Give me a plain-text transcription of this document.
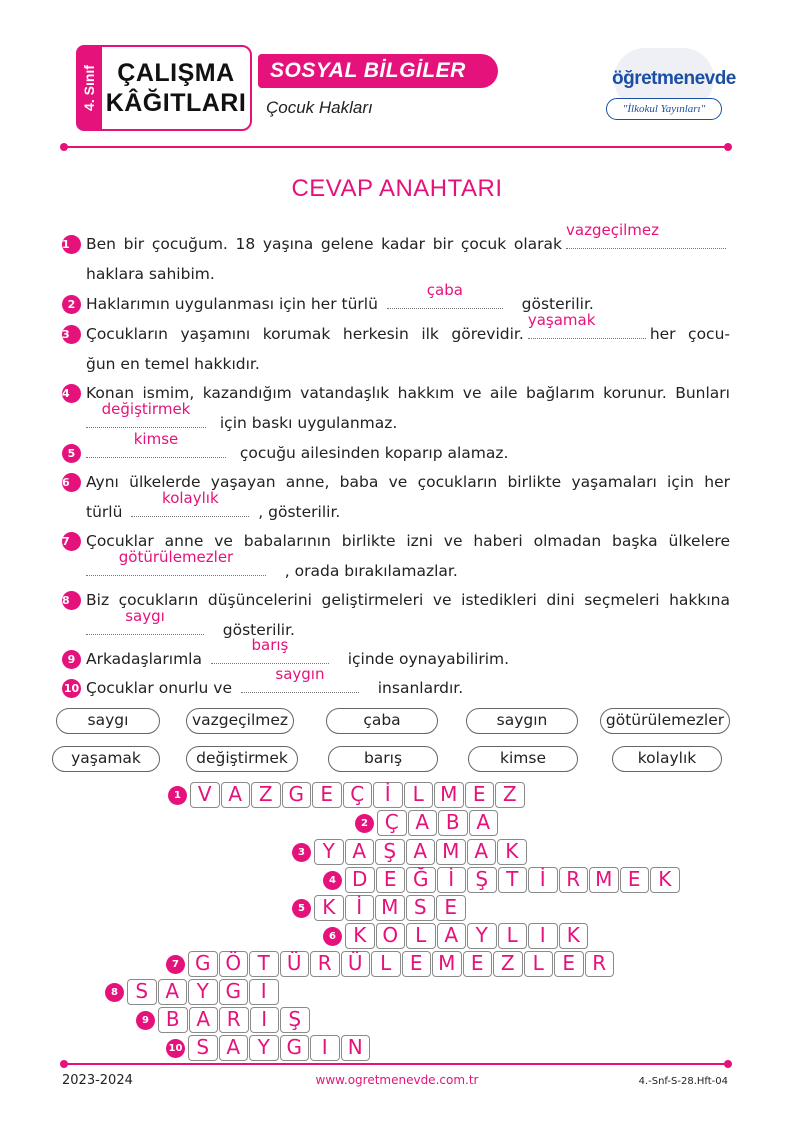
4. Sınıf ÇALIŞMA
KÂĞITLARI
SOSYAL BİLGİLER
Çocuk Hakları
öğretmenevde
"İlkokul Yayınları"
CEVAP ANAHTARI
1 Ben bir çocuğum. 18 yaşına gelene kadar bir çocuk olarak
vazgeçilmez
haklara sahibim.
2 Haklarımın uygulanması için her türlü
çaba
gösterilir.
3 Çocukların yaşamını korumak herkesin ilk görevidir.
yaşamak
her çocu-
ğun en temel hakkıdır.
4 Konan ismim, kazandığım vatandaşlık hakkım ve aile bağlarım korunur. Bunları
değiştirmek
için baskı uygulanmaz.
5
kimse
çocuğu ailesinden koparıp alamaz.
6 Aynı ülkelerde yaşayan anne, baba ve çocukların birlikte yaşamaları için her
türlü
kolaylık
, gösterilir.
7 Çocuklar anne ve babalarının birlikte izni ve haberi olmadan başka ülkelere
götürülemezler
, orada bırakılamazlar.
8 Biz çocukların düşüncelerini geliştirmeleri ve istedikleri dini seçmeleri hakkına
saygı
gösterilir.
9 Arkadaşlarımla
barış
içinde oynayabilirim.
10 Çocuklar onurlu ve
saygın
insanlardır.
saygı	vazgeçilmez	çaba	saygın	götürülemezler
yaşamak	değiştirmek	barış	kimse	kolaylık
1 V A Z G E Ç	İ	L M E Z
2 Ç A B A
3 Y A Ş A M A K
4 D E Ğ İ	Ş T	İ	R M E K
5 K	İ M S E
6 K O L A Y L	I	K
7 G Ö T Ü R Ü L E M E Z L E R
8 S A Y G I
9 B A R	I	Ş
10 S A Y G I	N
2023-2024	www.ogretmenevde.com.tr	4.-Snf-S-28.Hft-04
